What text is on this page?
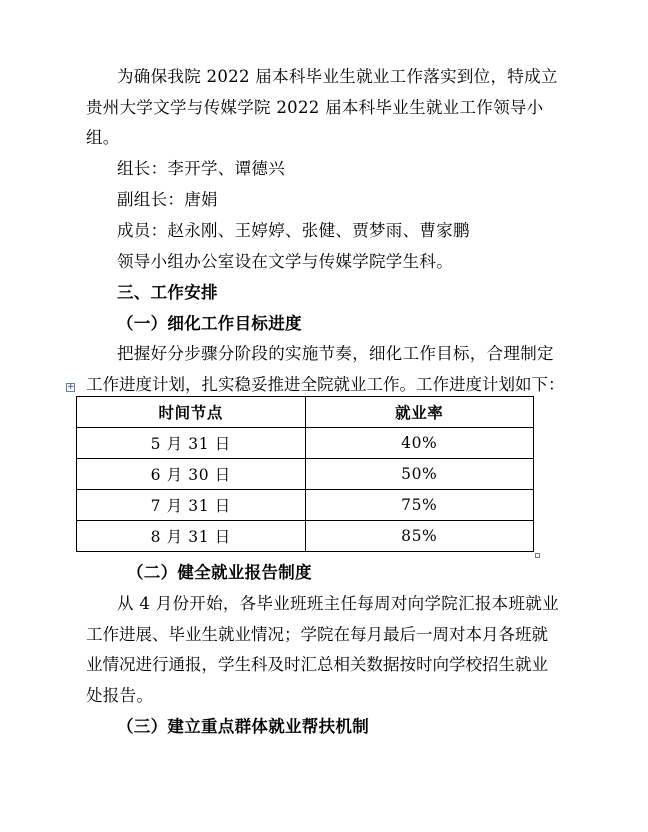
为确保我院 2022 届本科毕业生就业工作落实到位，特成立
贵州大学文学与传媒学院 2022 届本科毕业生就业工作领导小
组。
组长：李开学、谭德兴
副组长：唐娟
成员：赵永刚、王婷婷、张健、贾梦雨、曹家鹏
领导小组办公室设在文学与传媒学院学生科。
三、工作安排
（一）细化工作目标进度
把握好分步骤分阶段的实施节奏，细化工作目标，合理制定
工作进度计划，扎实稳妥推进全院就业工作。工作进度计划如下：
+
时间节点	就业率
5 月 31 日	40%
6 月 30 日	50%
7 月 31 日	75%
8 月 31 日	85%
（二）健全就业报告制度
从 4 月份开始，各毕业班班主任每周对向学院汇报本班就业
工作进展、毕业生就业情况；学院在每月最后一周对本月各班就
业情况进行通报，学生科及时汇总相关数据按时向学校招生就业
处报告。
（三）建立重点群体就业帮扶机制
